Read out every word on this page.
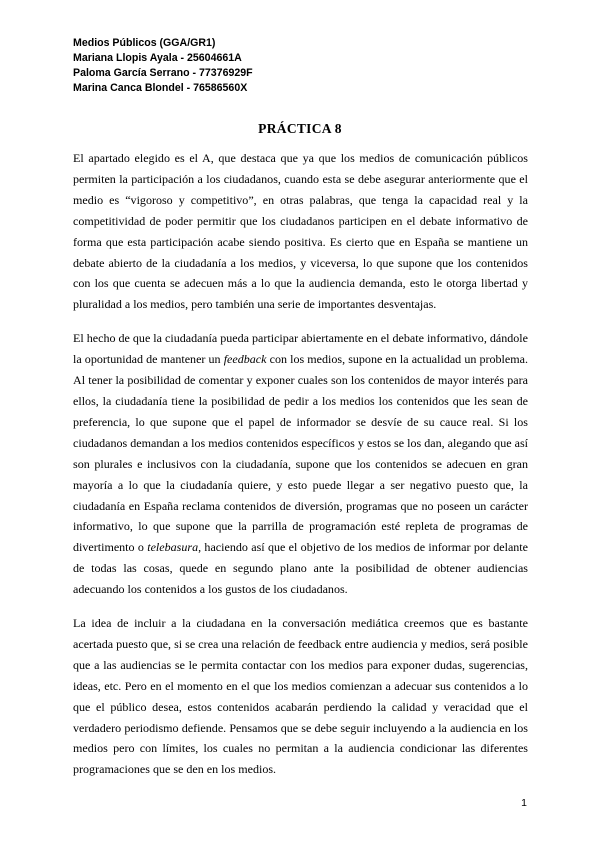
Medios Públicos (GGA/GR1)
Mariana Llopis Ayala - 25604661A
Paloma García Serrano - 77376929F
Marina Canca Blondel - 76586560X
PRÁCTICA 8

El apartado elegido es el A, que destaca que ya que los medios de comunicación públicos permiten la participación a los ciudadanos, cuando esta se debe asegurar anteriormente que el medio es “vigoroso y competitivo”, en otras palabras, que tenga la capacidad real y la competitividad de poder permitir que los ciudadanos participen en el debate informativo de forma que esta participación acabe siendo positiva. Es cierto que en España se mantiene un debate abierto de la ciudadanía a los medios, y viceversa, lo que supone que los contenidos con los que cuenta se adecuen más a lo que la audiencia demanda, esto le otorga libertad y pluralidad a los medios, pero también una serie de importantes desventajas.

El hecho de que la ciudadanía pueda participar abiertamente en el debate informativo, dándole la oportunidad de mantener un feedback con los medios, supone en la actualidad un problema. Al tener la posibilidad de comentar y exponer cuales son los contenidos de mayor interés para ellos, la ciudadanía tiene la posibilidad de pedir a los medios los contenidos que les sean de preferencia, lo que supone que el papel de informador se desvíe de su cauce real. Si los ciudadanos demandan a los medios contenidos específicos y estos se los dan, alegando que así son plurales e inclusivos con la ciudadanía, supone que los contenidos se adecuen en gran mayoría a lo que la ciudadanía quiere, y esto puede llegar a ser negativo puesto que, la ciudadanía en España reclama contenidos de diversión, programas que no poseen un carácter informativo, lo que supone que la parrilla de programación esté repleta de programas de divertimento o telebasura, haciendo así que el objetivo de los medios de informar por delante de todas las cosas, quede en segundo plano ante la posibilidad de obtener audiencias adecuando los contenidos a los gustos de los ciudadanos.

La idea de incluir a la ciudadana en la conversación mediática creemos que es bastante acertada puesto que, si se crea una relación de feedback entre audiencia y medios, será posible que a las audiencias se le permita contactar con los medios para exponer dudas, sugerencias, ideas, etc. Pero en el momento en el que los medios comienzan a adecuar sus contenidos a lo que el público desea, estos contenidos acabarán perdiendo la calidad y veracidad que el verdadero periodismo defiende. Pensamos que se debe seguir incluyendo a la audiencia en los medios pero con límites, los cuales no permitan a la audiencia condicionar las diferentes programaciones que se den en los medios.

1
